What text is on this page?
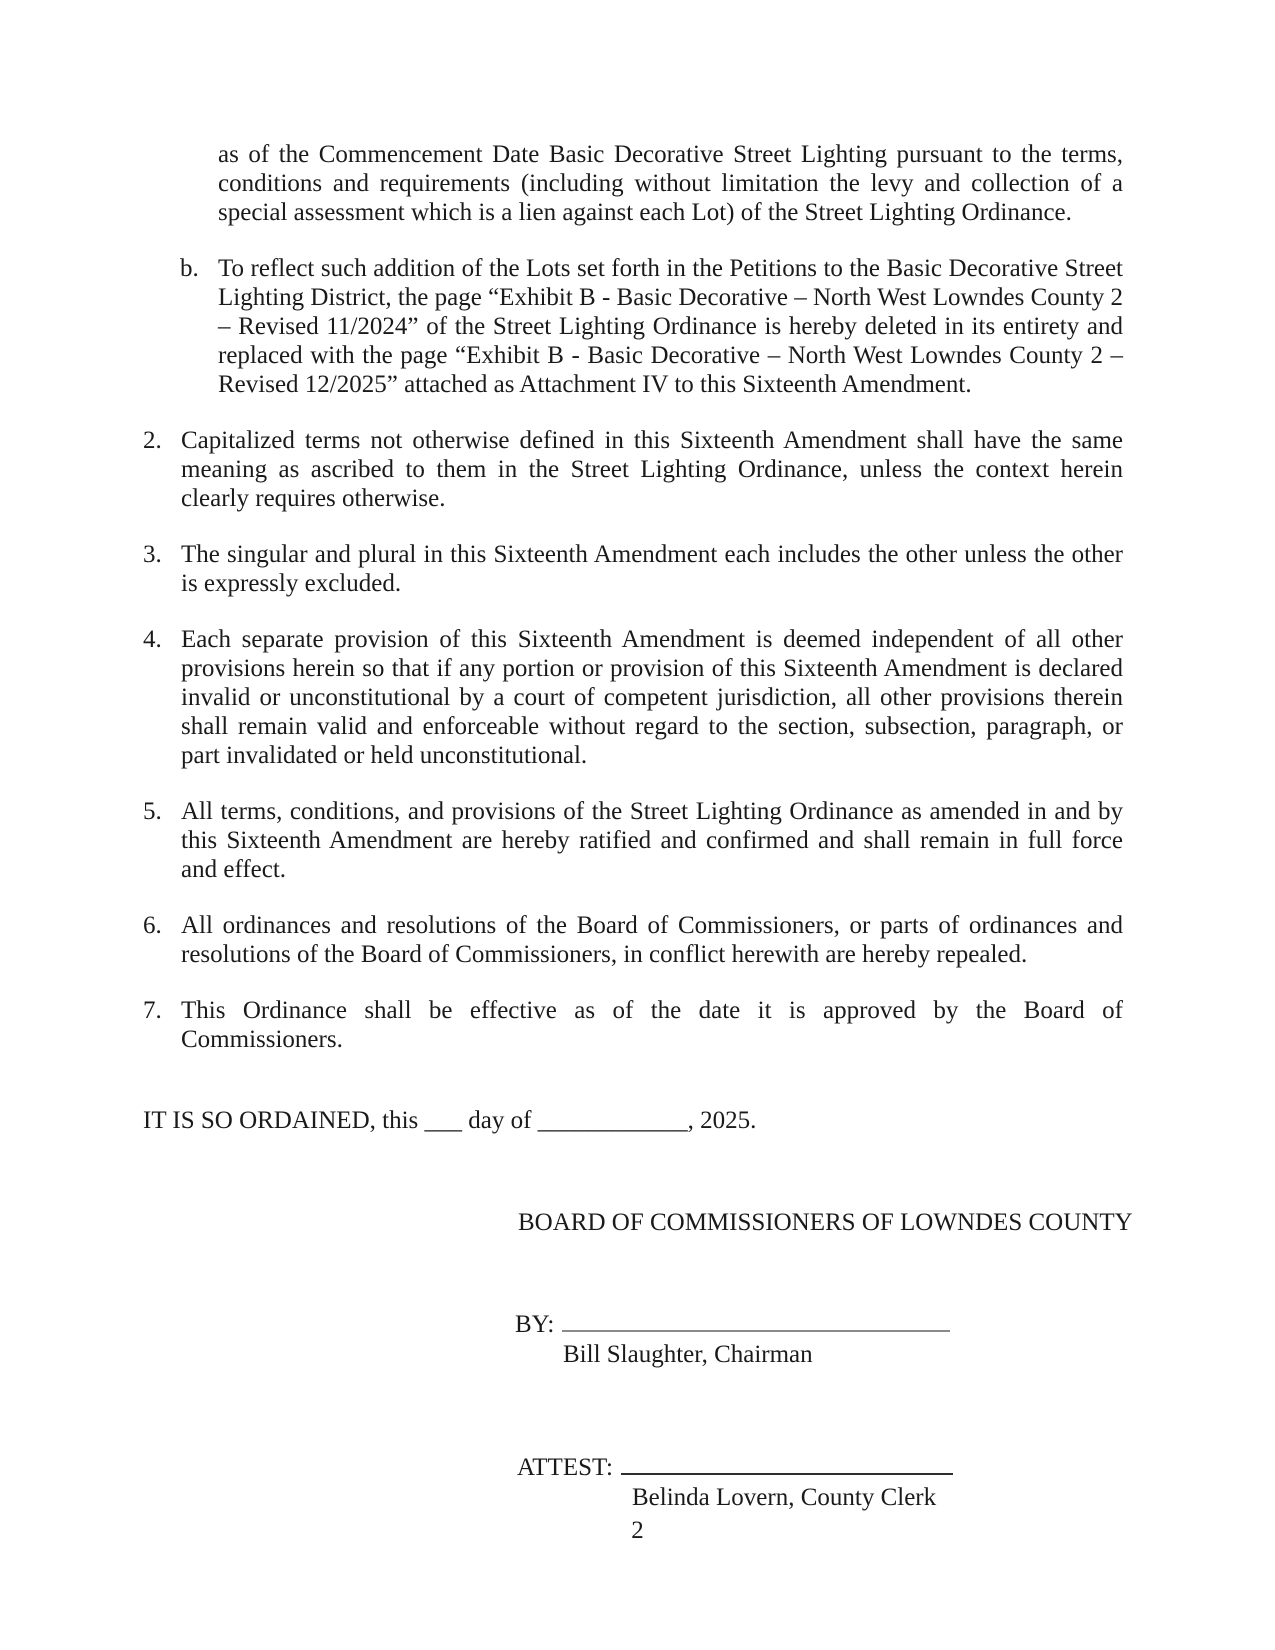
as of the Commencement Date Basic Decorative Street Lighting pursuant to the terms, conditions and requirements (including without limitation the levy and collection of a special assessment which is a lien against each Lot) of the Street Lighting Ordinance.
b. To reflect such addition of the Lots set forth in the Petitions to the Basic Decorative Street Lighting District, the page “Exhibit B - Basic Decorative – North West Lowndes County 2 – Revised 11/2024” of the Street Lighting Ordinance is hereby deleted in its entirety and replaced with the page “Exhibit B - Basic Decorative – North West Lowndes County 2 – Revised 12/2025” attached as Attachment IV to this Sixteenth Amendment.
2. Capitalized terms not otherwise defined in this Sixteenth Amendment shall have the same meaning as ascribed to them in the Street Lighting Ordinance, unless the context herein clearly requires otherwise.
3. The singular and plural in this Sixteenth Amendment each includes the other unless the other is expressly excluded.
4. Each separate provision of this Sixteenth Amendment is deemed independent of all other provisions herein so that if any portion or provision of this Sixteenth Amendment is declared invalid or unconstitutional by a court of competent jurisdiction, all other provisions therein shall remain valid and enforceable without regard to the section, subsection, paragraph, or part invalidated or held unconstitutional.
5. All terms, conditions, and provisions of the Street Lighting Ordinance as amended in and by this Sixteenth Amendment are hereby ratified and confirmed and shall remain in full force and effect.
6. All ordinances and resolutions of the Board of Commissioners, or parts of ordinances and resolutions of the Board of Commissioners, in conflict herewith are hereby repealed.
7. This Ordinance shall be effective as of the date it is approved by the Board of Commissioners.
IT IS SO ORDAINED, this ___ day of ____________, 2025.
BOARD OF COMMISSIONERS OF LOWNDES COUNTY
BY:
Bill Slaughter, Chairman
ATTEST:
Belinda Lovern, County Clerk
2
